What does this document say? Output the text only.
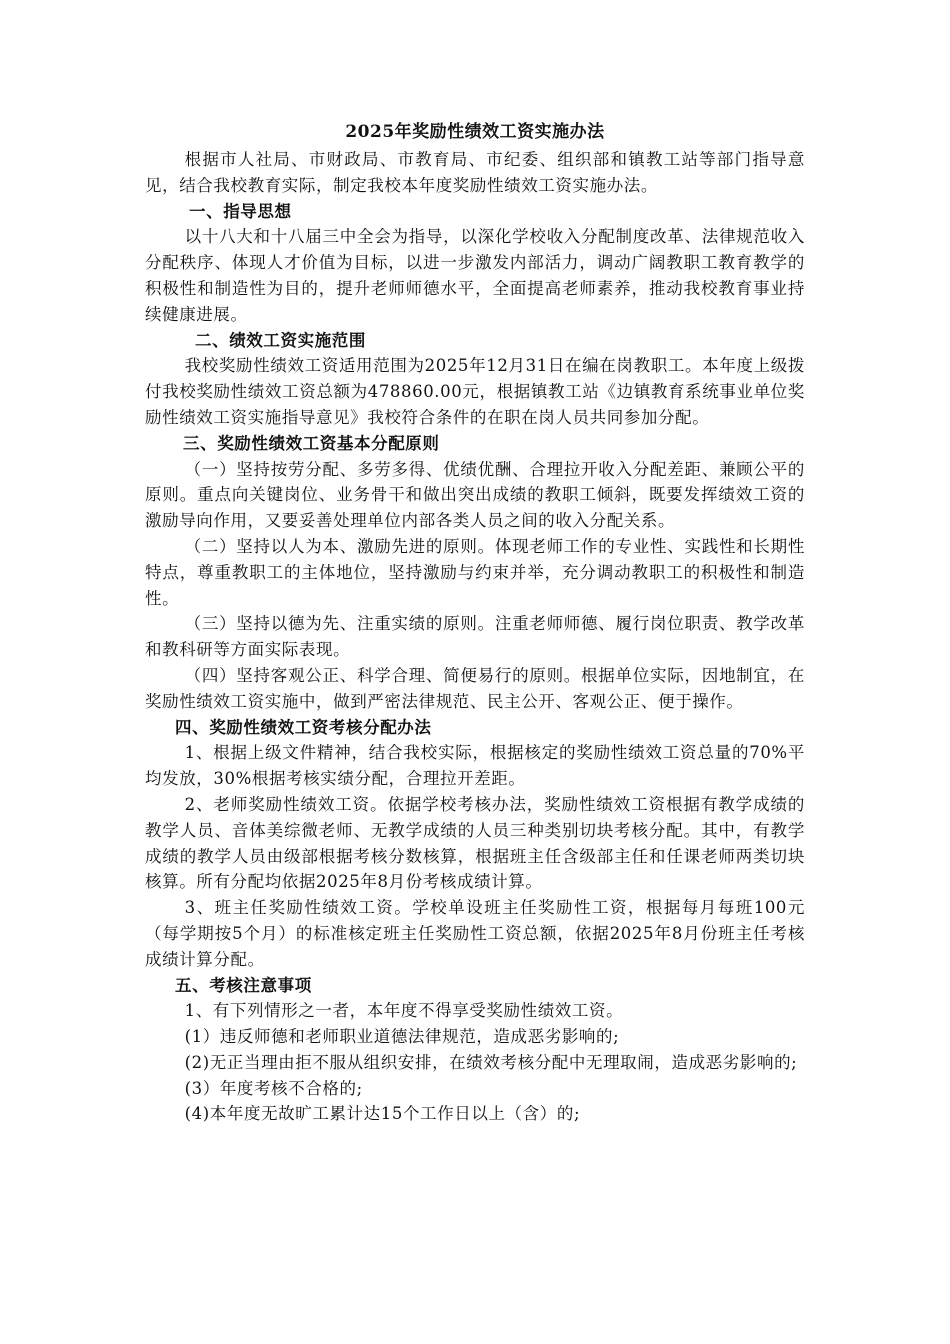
2025年奖励性绩效工资实施办法

根据市人社局、市财政局、市教育局、市纪委、组织部和镇教工站等部门指导意见，结合我校教育实际，制定我校本年度奖励性绩效工资实施办法。

一、指导思想

以十八大和十八届三中全会为指导，以深化学校收入分配制度改革、法律规范收入分配秩序、体现人才价值为目标，以进一步激发内部活力，调动广阔教职工教育教学的积极性和制造性为目的，提升老师师德水平，全面提高老师素养，推动我校教育事业持续健康进展。

二、绩效工资实施范围

我校奖励性绩效工资适用范围为2025年12月31日在编在岗教职工。本年度上级拨付我校奖励性绩效工资总额为478860.00元，根据镇教工站《边镇教育系统事业单位奖励性绩效工资实施指导意见》我校符合条件的在职在岗人员共同参加分配。

三、奖励性绩效工资基本分配原则

（一）坚持按劳分配、多劳多得、优绩优酬、合理拉开收入分配差距、兼顾公平的原则。重点向关键岗位、业务骨干和做出突出成绩的教职工倾斜，既要发挥绩效工资的激励导向作用，又要妥善处理单位内部各类人员之间的收入分配关系。

（二）坚持以人为本、激励先进的原则。体现老师工作的专业性、实践性和长期性特点，尊重教职工的主体地位，坚持激励与约束并举，充分调动教职工的积极性和制造性。

（三）坚持以德为先、注重实绩的原则。注重老师师德、履行岗位职责、教学改革和教科研等方面实际表现。

（四）坚持客观公正、科学合理、简便易行的原则。根据单位实际，因地制宜，在奖励性绩效工资实施中，做到严密法律规范、民主公开、客观公正、便于操作。

四、奖励性绩效工资考核分配办法

1、根据上级文件精神，结合我校实际，根据核定的奖励性绩效工资总量的70%平均发放，30%根据考核实绩分配，合理拉开差距。

2、老师奖励性绩效工资。依据学校考核办法，奖励性绩效工资根据有教学成绩的教学人员、音体美综微老师、无教学成绩的人员三种类别切块考核分配。其中，有教学成绩的教学人员由级部根据考核分数核算，根据班主任含级部主任和任课老师两类切块核算。所有分配均依据2025年8月份考核成绩计算。

3、班主任奖励性绩效工资。学校单设班主任奖励性工资，根据每月每班100元（每学期按5个月）的标准核定班主任奖励性工资总额，依据2025年8月份班主任考核成绩计算分配。

五、考核注意事项

1、有下列情形之一者，本年度不得享受奖励性绩效工资。

(1）违反师德和老师职业道德法律规范，造成恶劣影响的;

(2)无正当理由拒不服从组织安排，在绩效考核分配中无理取闹，造成恶劣影响的;

(3）年度考核不合格的;

(4)本年度无故旷工累计达15个工作日以上（含）的;
